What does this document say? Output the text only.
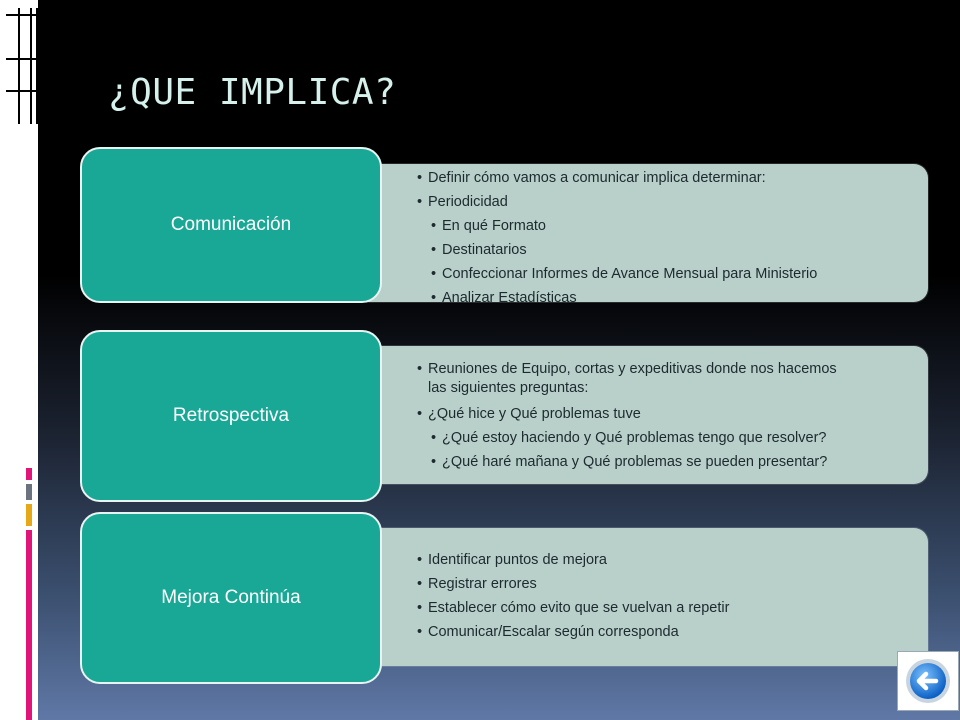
¿QUE IMPLICA?
• Definir cómo vamos a comunicar implica determinar:
• Periodicidad
• En qué Formato
• Destinatarios
• Confeccionar Informes de Avance Mensual para Ministerio
• Analizar Estadísticas
Comunicación
• Reuniones de Equipo, cortas y expeditivas donde nos hacemos las siguientes preguntas:
• ¿Qué hice y Qué problemas tuve
• ¿Qué estoy haciendo y Qué problemas tengo que resolver?
• ¿Qué haré mañana y Qué problemas se pueden presentar?
Retrospectiva
• Identificar puntos de mejora
• Registrar errores
• Establecer cómo evito que se vuelvan a repetir
• Comunicar/Escalar según corresponda
Mejora Continúa
